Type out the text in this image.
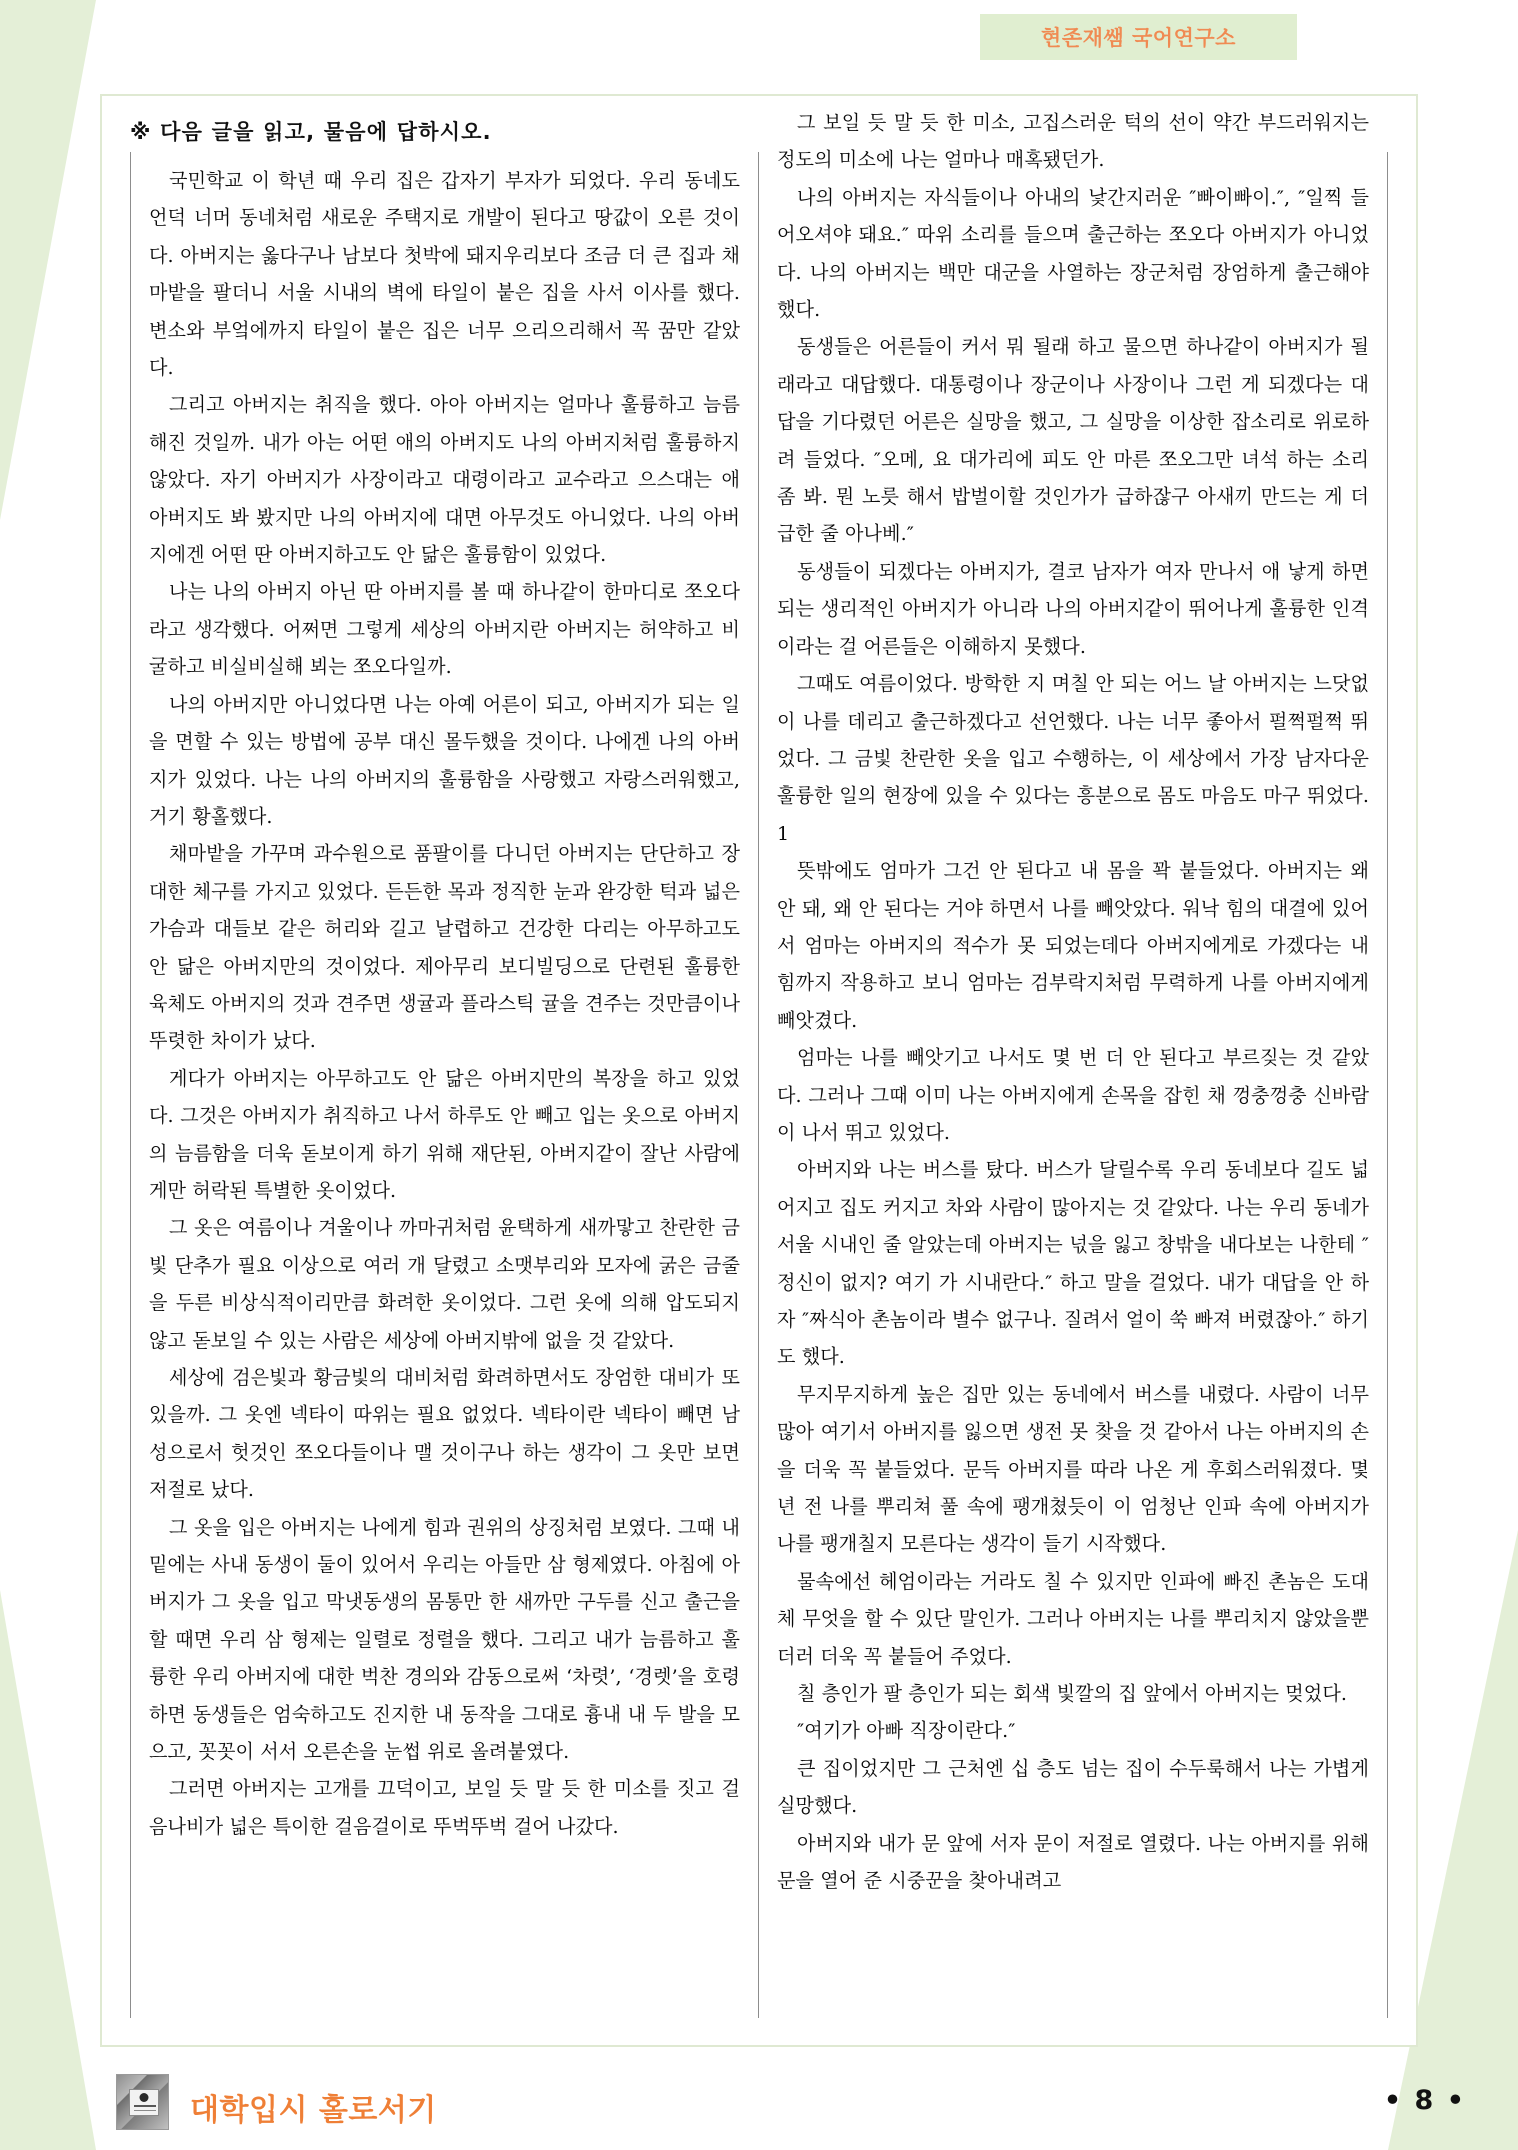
현존재쌤 국어연구소
※ 다음 글을 읽고, 물음에 답하시오.

국민학교 이 학년 때 우리 집은 갑자기 부자가 되었다. 우리 동네도 언덕 너머 동네처럼 새로운 주택지로 개발이 된다고 땅값이 오른 것이다. 아버지는 옳다구나 남보다 첫박에 돼지우리보다 조금 더 큰 집과 채마밭을 팔더니 서울 시내의 벽에 타일이 붙은 집을 사서 이사를 했다. 변소와 부엌에까지 타일이 붙은 집은 너무 으리으리해서 꼭 꿈만 같았다.

그리고 아버지는 취직을 했다. 아아 아버지는 얼마나 훌륭하고 늠름해진 것일까. 내가 아는 어떤 애의 아버지도 나의 아버지처럼 훌륭하지 않았다. 자기 아버지가 사장이라고 대령이라고 교수라고 으스대는 애 아버지도 봐 봤지만 나의 아버지에 대면 아무것도 아니었다. 나의 아버지에겐 어떤 딴 아버지하고도 안 닮은 훌륭함이 있었다.

나는 나의 아버지 아닌 딴 아버지를 볼 때 하나같이 한마디로 쪼오다라고 생각했다. 어쩌면 그렇게 세상의 아버지란 아버지는 허약하고 비굴하고 비실비실해 뵈는 쪼오다일까.

나의 아버지만 아니었다면 나는 아예 어른이 되고, 아버지가 되는 일을 면할 수 있는 방법에 공부 대신 몰두했을 것이다. 나에겐 나의 아버지가 있었다. 나는 나의 아버지의 훌륭함을 사랑했고 자랑스러워했고, 거기 황홀했다.

채마밭을 가꾸며 과수원으로 품팔이를 다니던 아버지는 단단하고 장대한 체구를 가지고 있었다. 든든한 목과 정직한 눈과 완강한 턱과 넓은 가슴과 대들보 같은 허리와 길고 날렵하고 건강한 다리는 아무하고도 안 닮은 아버지만의 것이었다. 제아무리 보디빌딩으로 단련된 훌륭한 육체도 아버지의 것과 견주면 생귤과 플라스틱 귤을 견주는 것만큼이나 뚜렷한 차이가 났다.

게다가 아버지는 아무하고도 안 닮은 아버지만의 복장을 하고 있었다. 그것은 아버지가 취직하고 나서 하루도 안 빼고 입는 옷으로 아버지의 늠름함을 더욱 돋보이게 하기 위해 재단된, 아버지같이 잘난 사람에게만 허락된 특별한 옷이었다.

그 옷은 여름이나 겨울이나 까마귀처럼 윤택하게 새까맣고 찬란한 금빛 단추가 필요 이상으로 여러 개 달렸고 소맷부리와 모자에 굵은 금줄을 두른 비상식적이리만큼 화려한 옷이었다. 그런 옷에 의해 압도되지 않고 돋보일 수 있는 사람은 세상에 아버지밖에 없을 것 같았다.

세상에 검은빛과 황금빛의 대비처럼 화려하면서도 장엄한 대비가 또 있을까. 그 옷엔 넥타이 따위는 필요 없었다. 넥타이란 넥타이 빼면 남성으로서 헛것인 쪼오다들이나 맬 것이구나 하는 생각이 그 옷만 보면 저절로 났다.

그 옷을 입은 아버지는 나에게 힘과 권위의 상징처럼 보였다. 그때 내 밑에는 사내 동생이 둘이 있어서 우리는 아들만 삼 형제였다. 아침에 아버지가 그 옷을 입고 막냇동생의 몸통만 한 새까만 구두를 신고 출근을 할 때면 우리 삼 형제는 일렬로 정렬을 했다. 그리고 내가 늠름하고 훌륭한 우리 아버지에 대한 벅찬 경의와 감동으로써 ‘차렷’, ‘경렛’을 호령하면 동생들은 엄숙하고도 진지한 내 동작을 그대로 흉내 내 두 발을 모으고, 꼿꼿이 서서 오른손을 눈썹 위로 올려붙였다.

그러면 아버지는 고개를 끄덕이고, 보일 듯 말 듯 한 미소를 짓고 걸음나비가 넓은 특이한 걸음걸이로 뚜벅뚜벅 걸어 나갔다.

그 보일 듯 말 듯 한 미소, 고집스러운 턱의 선이 약간 부드러워지는 정도의 미소에 나는 얼마나 매혹됐던가.

나의 아버지는 자식들이나 아내의 낯간지러운 ″빠이빠이.″, ″일찍 들어오셔야 돼요.″ 따위 소리를 들으며 출근하는 쪼오다 아버지가 아니었다. 나의 아버지는 백만 대군을 사열하는 장군처럼 장엄하게 출근해야 했다.

동생들은 어른들이 커서 뭐 될래 하고 물으면 하나같이 아버지가 될래라고 대답했다. 대통령이나 장군이나 사장이나 그런 게 되겠다는 대답을 기다렸던 어른은 실망을 했고, 그 실망을 이상한 잡소리로 위로하려 들었다. ″오메, 요 대가리에 피도 안 마른 쪼오그만 녀석 하는 소리 좀 봐. 뭔 노릇 해서 밥벌이할 것인가가 급하잖구 아새끼 만드는 게 더 급한 줄 아나베.″

동생들이 되겠다는 아버지가, 결코 남자가 여자 만나서 애 낳게 하면 되는 생리적인 아버지가 아니라 나의 아버지같이 뛰어나게 훌륭한 인격이라는 걸 어른들은 이해하지 못했다.

그때도 여름이었다. 방학한 지 며칠 안 되는 어느 날 아버지는 느닷없이 나를 데리고 출근하겠다고 선언했다. 나는 너무 좋아서 펄쩍펄쩍 뛰었다. 그 금빛 찬란한 옷을 입고 수행하는, 이 세상에서 가장 남자다운 훌륭한 일의 현장에 있을 수 있다는 흥분으로 몸도 마음도 마구 뛰었다.1

뜻밖에도 엄마가 그건 안 된다고 내 몸을 꽉 붙들었다. 아버지는 왜 안 돼, 왜 안 된다는 거야 하면서 나를 빼앗았다. 워낙 힘의 대결에 있어서 엄마는 아버지의 적수가 못 되었는데다 아버지에게로 가겠다는 내 힘까지 작용하고 보니 엄마는 검부락지처럼 무력하게 나를 아버지에게 빼앗겼다.

엄마는 나를 빼앗기고 나서도 몇 번 더 안 된다고 부르짖는 것 같았다. 그러나 그때 이미 나는 아버지에게 손목을 잡힌 채 껑충껑충 신바람이 나서 뛰고 있었다.

아버지와 나는 버스를 탔다. 버스가 달릴수록 우리 동네보다 길도 넓어지고 집도 커지고 차와 사람이 많아지는 것 같았다. 나는 우리 동네가 서울 시내인 줄 알았는데 아버지는 넋을 잃고 창밖을 내다보는 나한테 ″정신이 없지? 여기 가 시내란다.″ 하고 말을 걸었다. 내가 대답을 안 하자 ″짜식아 촌놈이라 별수 없구나. 질려서 얼이 쑥 빠져 버렸잖아.″ 하기도 했다.

무지무지하게 높은 집만 있는 동네에서 버스를 내렸다. 사람이 너무 많아 여기서 아버지를 잃으면 생전 못 찾을 것 같아서 나는 아버지의 손을 더욱 꼭 붙들었다. 문득 아버지를 따라 나온 게 후회스러워졌다. 몇 년 전 나를 뿌리쳐 풀 속에 팽개쳤듯이 이 엄청난 인파 속에 아버지가 나를 팽개칠지 모른다는 생각이 들기 시작했다.

물속에선 헤엄이라는 거라도 칠 수 있지만 인파에 빠진 촌놈은 도대체 무엇을 할 수 있단 말인가. 그러나 아버지는 나를 뿌리치지 않았을뿐더러 더욱 꼭 붙들어 주었다.

칠 층인가 팔 층인가 되는 회색 빛깔의 집 앞에서 아버지는 멎었다.

″여기가 아빠 직장이란다.″

큰 집이었지만 그 근처엔 십 층도 넘는 집이 수두룩해서 나는 가볍게 실망했다.

아버지와 내가 문 앞에 서자 문이 저절로 열렸다. 나는 아버지를 위해 문을 열어 준 시중꾼을 찾아내려고

대학입시 홀로서기	• 8 •
